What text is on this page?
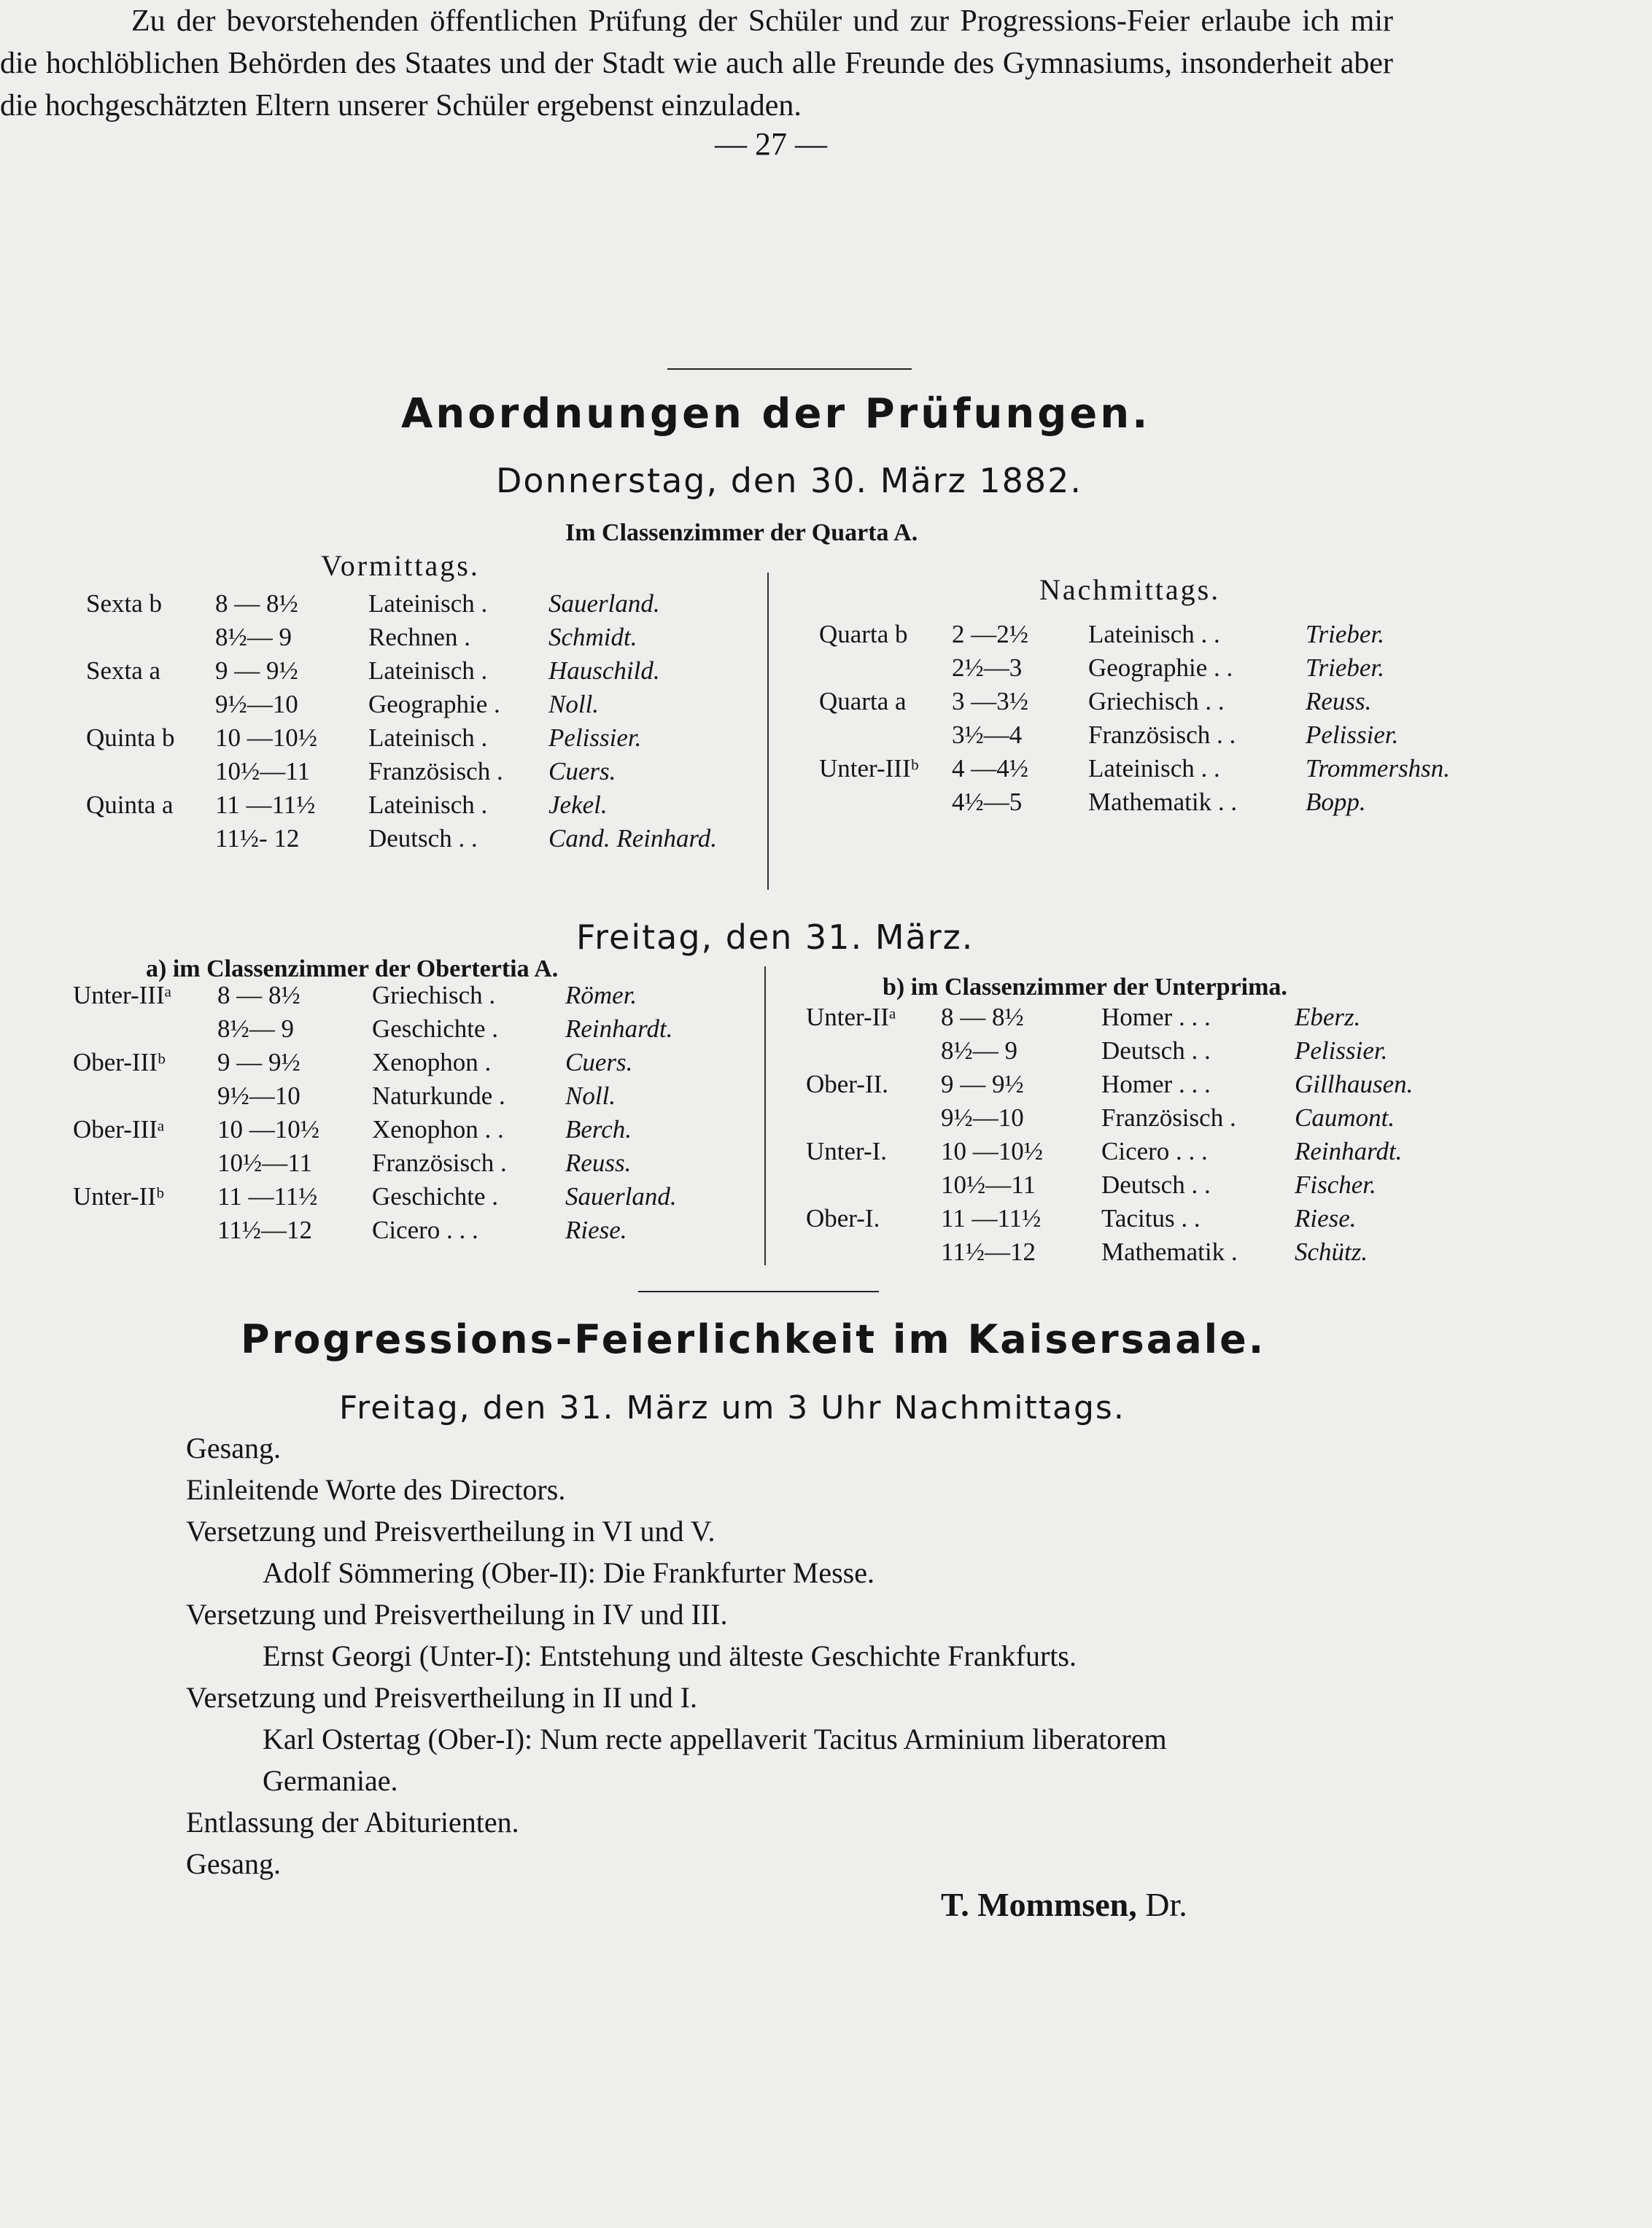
— 27 —

Zu der bevorstehenden öffentlichen Prüfung der Schüler und zur Progressions-Feier erlaube ich mir die hochlöblichen Behörden des Staates und der Stadt wie auch alle Freunde des Gymnasiums, insonderheit aber die hochgeschätzten Eltern unserer Schüler ergebenst einzuladen.

Anordnungen der Prüfungen.
Donnerstag, den 30. März 1882.
Im Classenzimmer der Quarta A.
Vormittags.
Nachmittags.
Sexta b 8 — 8½	Lateinisch . Sauerland.
8½— 9	Rechnen .	Schmidt.
Sexta a 9 — 9½	Lateinisch . Hauschild.
9½—10	Geographie . Noll.
Quinta b 10 —10½ Lateinisch . Pelissier.
10½—11 Französisch . Cuers.
Quinta a 11 —11½ Lateinisch . Jekel.
11½- 12	Deutsch . .	Cand. Reinhard.
Quarta b 2 —2½ Lateinisch . .	Trieber.
2½—3	Geographie . .	Trieber.
Quarta a 3 —3½ Griechisch . .	Reuss.
3½—4	Französisch . .	Pelissier.
Unter-IIIᵇ 4 —4½ Lateinisch . .	Trommershsn.
4½—5	Mathematik . .	Bopp.
Freitag, den 31. März.
a) im Classenzimmer der Obertertia A.
b) im Classenzimmer der Unterprima.
Unter-IIIᵃ 8 — 8½	Griechisch .	Römer.
8½— 9	Geschichte .	Reinhardt.
Ober-IIIᵇ 9 — 9½	Xenophon .	Cuers.
9½—10	Naturkunde . Noll.
Ober-IIIᵃ 10 —10½ Xenophon . . Berch.
10½—11 Französisch . Reuss.
Unter-IIᵇ 11 —11½ Geschichte .	Sauerland.
11½—12 Cicero . . .	Riese.
Unter-IIᵃ 8 — 8½	Homer . . .	Eberz.
8½— 9	Deutsch . .	Pelissier.
Ober-II. 9 — 9½	Homer . . .	Gillhausen.
9½—10	Französisch . Caumont.
Unter-I. 10 —10½ Cicero . . .	Reinhardt.
10½—11	Deutsch . .	Fischer.
Ober-I. 11 —11½ Tacitus . .	Riese.
11½—12	Mathematik . Schütz.
Progressions-Feierlichkeit im Kaisersaale.
Freitag, den 31. März um 3 Uhr Nachmittags.
Gesang.
Einleitende Worte des Directors.
Versetzung und Preisvertheilung in VI und V.
Adolf Sömmering (Ober-II): Die Frankfurter Messe.
Versetzung und Preisvertheilung in IV und III.
Ernst Georgi (Unter-I): Entstehung und älteste Geschichte Frankfurts.
Versetzung und Preisvertheilung in II und I.
Karl Ostertag (Ober-I): Num recte appellaverit Tacitus Arminium liberatorem
Germaniae.
Entlassung der Abiturienten.
Gesang.
T. Mommsen, Dr.
